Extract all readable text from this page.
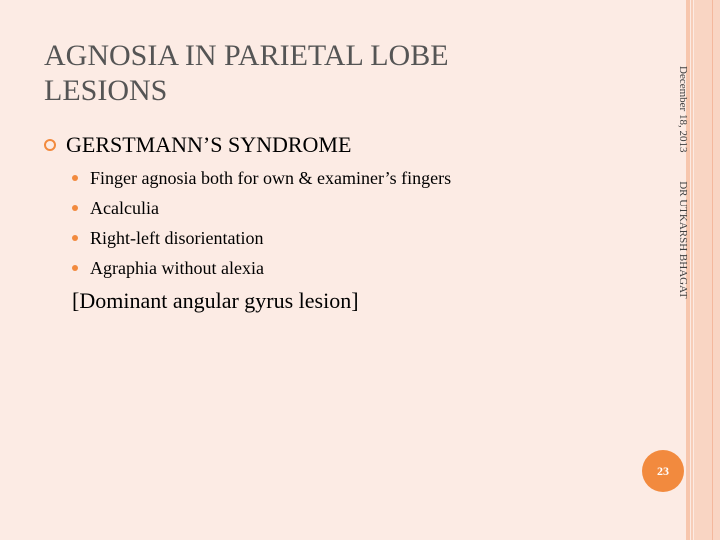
AGNOSIA IN PARIETAL LOBE
LESIONS	December 18, 2013 DR UTKARSH BHAGAT
GERSTMANN’S SYNDROME
Finger agnosia both for own & examiner’s fingers
Acalculia
Right-left disorientation
Agraphia without alexia
[Dominant angular gyrus lesion]
23
